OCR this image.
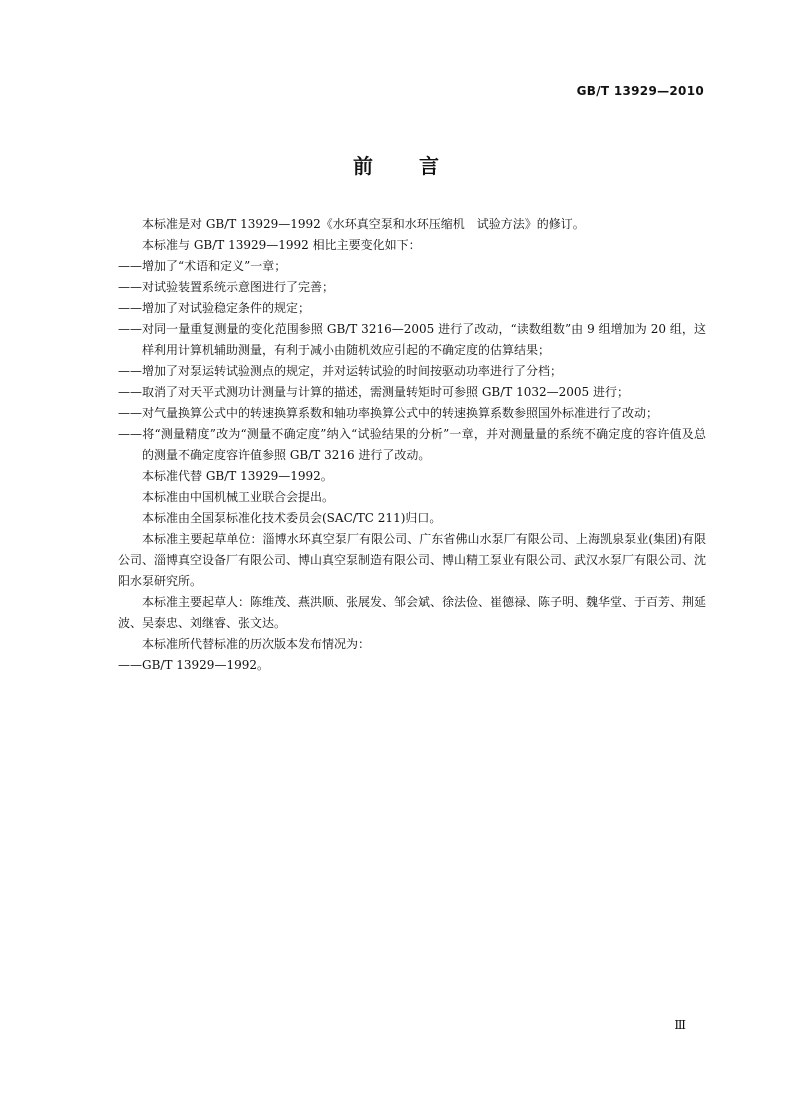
GB/T 13929—2010
前言
本标准是对 GB/T 13929—1992《水环真空泵和水环压缩机　试验方法》的修订。
本标准与 GB/T 13929—1992 相比主要变化如下：
——增加了“术语和定义”一章；
——对试验装置系统示意图进行了完善；
——增加了对试验稳定条件的规定；
——对同一量重复测量的变化范围参照 GB/T 3216—2005 进行了改动，“读数组数”由 9 组增加为 20 组，这样利用计算机辅助测量，有利于减小由随机效应引起的不确定度的估算结果；
——增加了对泵运转试验测点的规定，并对运转试验的时间按驱动功率进行了分档；
——取消了对天平式测功计测量与计算的描述，需测量转矩时可参照 GB/T 1032—2005 进行；
——对气量换算公式中的转速换算系数和轴功率换算公式中的转速换算系数参照国外标准进行了改动；
——将“测量精度”改为“测量不确定度”纳入“试验结果的分析”一章，并对测量量的系统不确定度的容许值及总的测量不确定度容许值参照 GB/T 3216 进行了改动。
本标准代替 GB/T 13929—1992。
本标准由中国机械工业联合会提出。
本标准由全国泵标准化技术委员会(SAC/TC 211)归口。
本标准主要起草单位：淄博水环真空泵厂有限公司、广东省佛山水泵厂有限公司、上海凯泉泵业(集团)有限公司、淄博真空设备厂有限公司、博山真空泵制造有限公司、博山精工泵业有限公司、武汉水泵厂有限公司、沈阳水泵研究所。
本标准主要起草人：陈维茂、燕洪顺、张展发、邹会斌、徐法俭、崔德禄、陈子明、魏华堂、于百芳、荆延波、吴泰忠、刘继睿、张文达。
本标准所代替标准的历次版本发布情况为：
——GB/T 13929—1992。
Ⅲ
